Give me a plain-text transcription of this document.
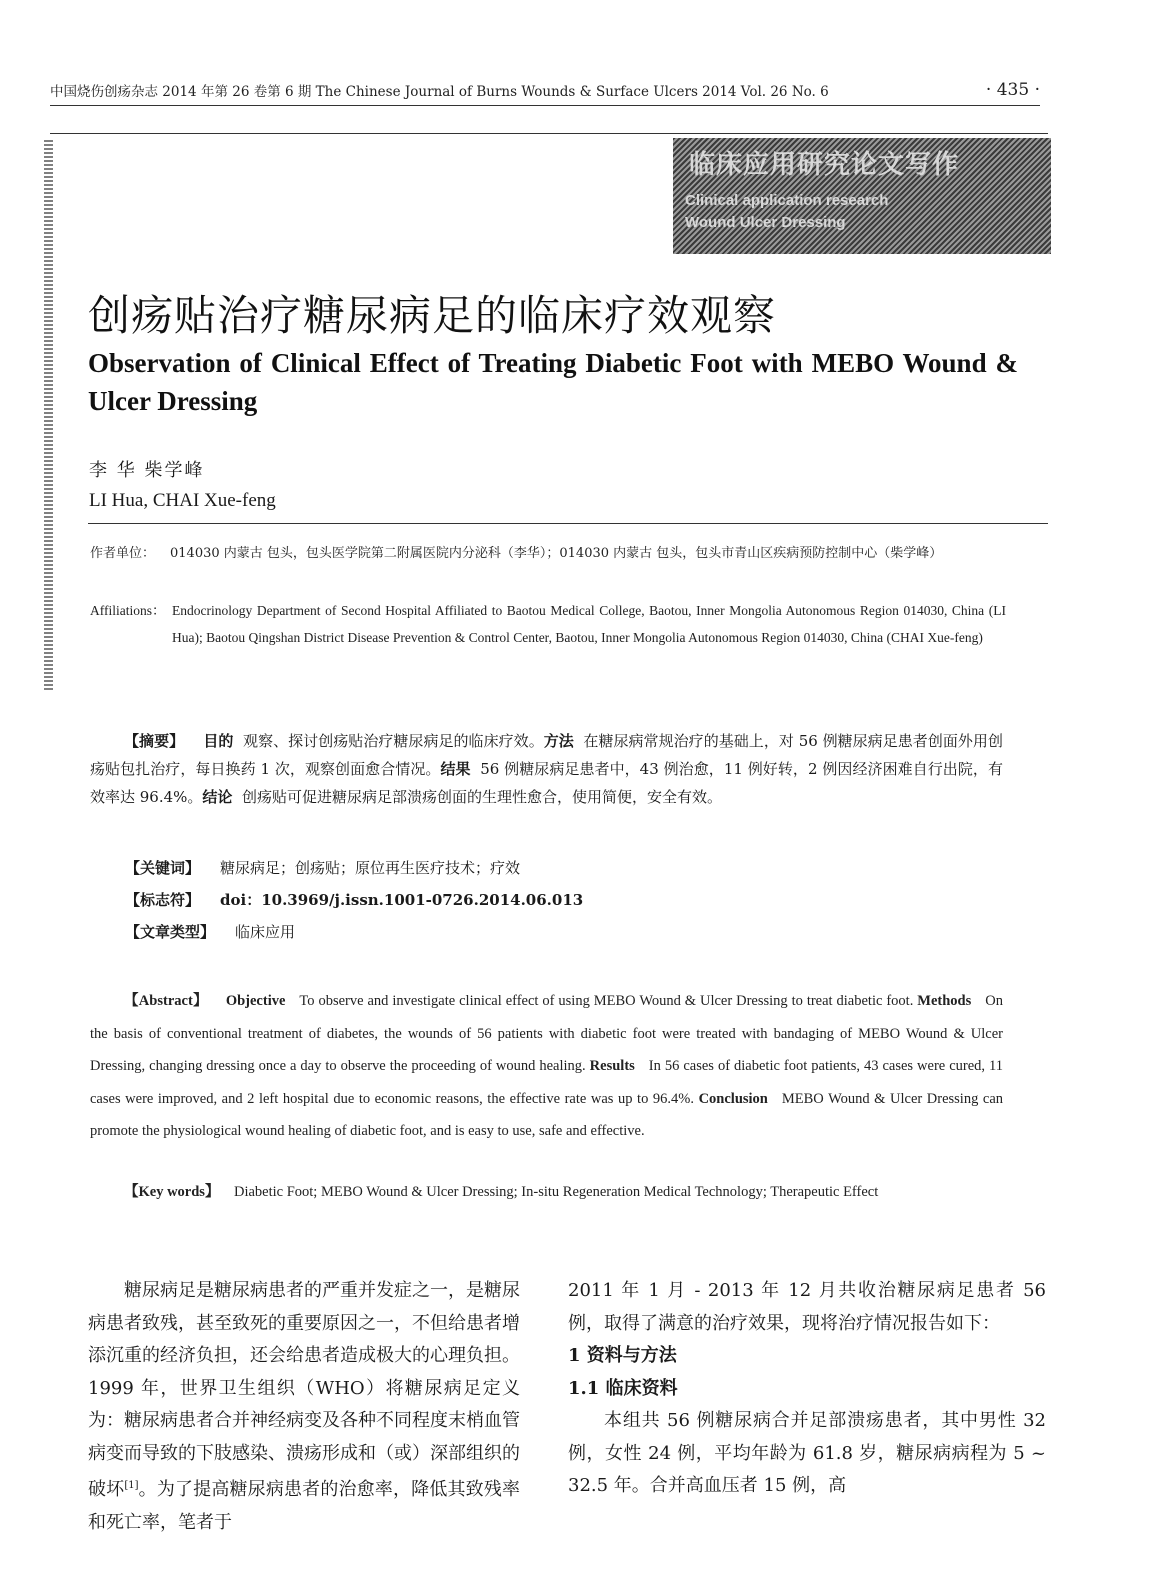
中国烧伤创疡杂志 2014 年第 26 卷第 6 期 The Chinese Journal of Burns Wounds & Surface Ulcers 2014 Vol. 26 No. 6	· 435 ·
临床应用研究论文写作
Clinical application research
Wound Ulcer Dressing
创疡贴治疗糖尿病足的临床疗效观察
Observation of Clinical Effect of Treating Diabetic Foot with MEBO Wound & Ulcer Dressing
李 华 柴学峰
LI Hua, CHAI Xue-feng
作者单位： 014030 内蒙古 包头，包头医学院第二附属医院内分泌科（李华）；014030 内蒙古 包头，包头市青山区疾病预防控制中心（柴学峰）
Affiliations： Endocrinology Department of Second Hospital Affiliated to Baotou Medical College, Baotou, Inner Mongolia Autonomous Region 014030, China (LI Hua); Baotou Qingshan District Disease Prevention & Control Center, Baotou, Inner Mongolia Autonomous Region 014030, China (CHAI Xue-feng)
【摘要】 目的 观察、探讨创疡贴治疗糖尿病足的临床疗效。方法 在糖尿病常规治疗的基础上，对 56 例糖尿病足患者创面外用创疡贴包扎治疗，每日换药 1 次，观察创面愈合情况。结果 56 例糖尿病足患者中，43 例治愈，11 例好转，2 例因经济困难自行出院，有效率达 96.4%。结论 创疡贴可促进糖尿病足部溃疡创面的生理性愈合，使用简便，安全有效。
【关键词】 糖尿病足；创疡贴；原位再生医疗技术；疗效
【标志符】 doi：10.3969/j.issn.1001-0726.2014.06.013
【文章类型】 临床应用
【Abstract】 Objective To observe and investigate clinical effect of using MEBO Wound & Ulcer Dressing to treat diabetic foot. Methods On the basis of conventional treatment of diabetes, the wounds of 56 patients with diabetic foot were treated with bandaging of MEBO Wound & Ulcer Dressing, changing dressing once a day to observe the proceeding of wound healing. Results In 56 cases of diabetic foot patients, 43 cases were cured, 11 cases were improved, and 2 left hospital due to economic reasons, the effective rate was up to 96.4%. Conclusion MEBO Wound & Ulcer Dressing can promote the physiological wound healing of diabetic foot, and is easy to use, safe and effective.
【Key words】 Diabetic Foot; MEBO Wound & Ulcer Dressing; In-situ Regeneration Medical Technology; Therapeutic Effect

糖尿病足是糖尿病患者的严重并发症之一，是糖尿病患者致残，甚至致死的重要原因之一，不但给患者增添沉重的经济负担，还会给患者造成极大的心理负担。1999 年，世界卫生组织（WHO）将糖尿病足定义为：糖尿病患者合并神经病变及各种不同程度末梢血管病变而导致的下肢感染、溃疡形成和（或）深部组织的破坏[1]。为了提高糖尿病患者的治愈率，降低其致残率和死亡率，笔者于

2011 年 1 月 - 2013 年 12 月共收治糖尿病足患者 56 例，取得了满意的治疗效果，现将治疗情况报告如下：

1 资料与方法

1.1 临床资料

本组共 56 例糖尿病合并足部溃疡患者，其中男性 32 例，女性 24 例，平均年龄为 61.8 岁，糖尿病病程为 5 ~ 32.5 年。合并高血压者 15 例，高
